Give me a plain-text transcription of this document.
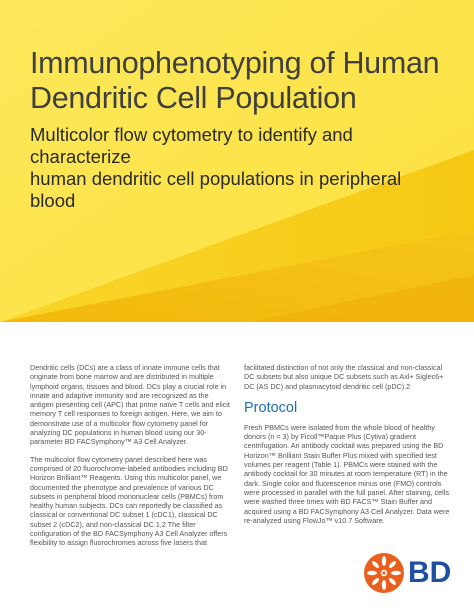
Immunophenotyping of Human
Dendritic Cell Population
Multicolor flow cytometry to identify and characterize
human dendritic cell populations in peripheral blood

Dendritic cells (DCs) are a class of innate immune cells that originate from bone marrow and are distributed in multiple lymphoid organs, tissues and blood. DCs play a crucial role in innate and adaptive immunity and are recognized as the antigen presenting cell (APC) that prime naïve T cells and elicit memory T cell responses to foreign antigen. Here, we aim to demonstrate use of a multicolor flow cytometry panel for analyzing DC populations in human blood using our 30-parameter BD FACSymphony™ A3 Cell Analyzer.

The multicolor flow cytometry panel described here was comprised of 20 fluorochrome-labeled antibodies including BD Horizon Brilliant™ Reagents. Using this multicolor panel, we documented the phenotype and prevalence of various DC subsets in peripheral blood mononuclear cells (PBMCs) from healthy human subjects. DCs can reportedly be classified as classical or conventional DC subset 1 (cDC1), classical DC subset 2 (cDC2), and non-classical DC.1,2 The filter configuration of the BD FACSymphony A3 Cell Analyzer offers flexibility to assign fluorochromes across five lasers that

facilitated distinction of not only the classical and non-classical DC subsets but also unique DC subsets such as Axl+ Siglec6+ DC (AS DC) and plasmacytoid dendritic cell (pDC).2

Protocol

Fresh PBMCs were isolated from the whole blood of healthy donors (n = 3) by Ficoll™Paque Plus (Cytiva) gradient centrifugation. An antibody cocktail was prepared using the BD Horizon™ Brilliant Stain Buffer Plus mixed with specified test volumes per reagent (Table 1). PBMCs were stained with the antibody cocktail for 30 minutes at room temperature (RT) in the dark. Single color and fluorescence minus one (FMO) controls were processed in parallel with the full panel. After staining, cells were washed three times with BD FACS™ Stain Buffer and acquired using a BD FACSymphony A3 Cell Analyzer. Data were re-analyzed using FlowJo™ v10.7 Software.

BD
